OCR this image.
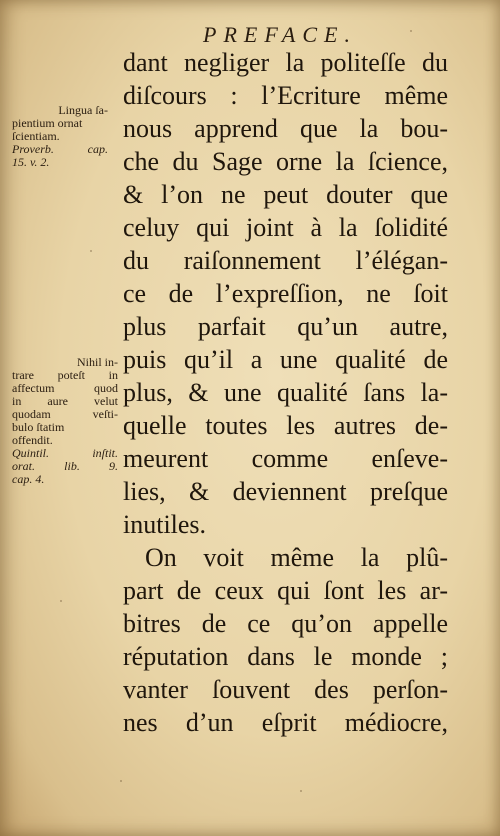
PREFACE.
dant negliger la politeſſe du
diſcours : l’Ecriture même
nous apprend que la bou-
che du Sage orne la ſcience,
& l’on ne peut douter que
celuy qui joint à la ſolidité
du raiſonnement l’élégan-
ce de l’expreſſion, ne ſoit
plus parfait qu’un autre,
puis qu’il a une qualité de
plus, & une qualité ſans la-
quelle toutes les autres de-
meurent comme enſeve-
lies, & deviennent preſque
inutiles.
On voit même la plû-
part de ceux qui ſont les ar-
bitres de ce qu’on appelle
réputation dans le monde ;
vanter ſouvent des perſon-
nes d’un eſprit médiocre,
Lingua ſa-
pientium ornat
ſcientiam.
Proverb. cap.
15. v. 2.
Nihil in-
trare poteſt in
affectum quod
in aure velut
quodam veſti-
bulo ſtatim
offendit.
Quintil. inſtit.
orat. lib. 9.
cap. 4.
